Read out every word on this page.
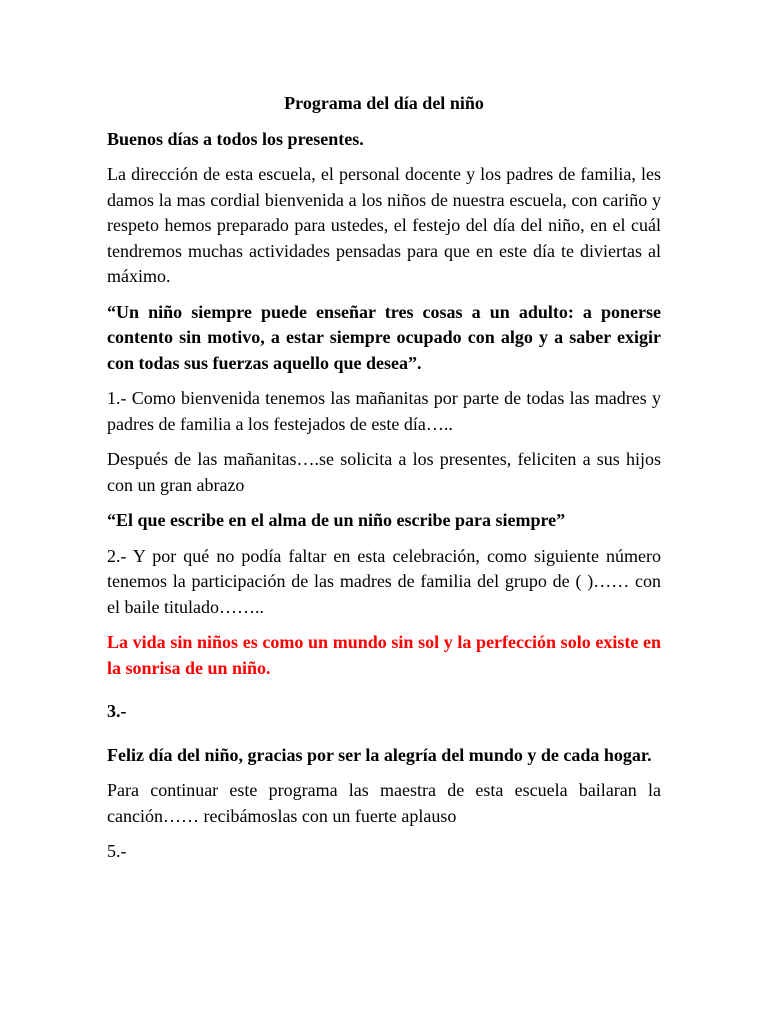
Programa del día del niño
Buenos días a todos los presentes.
La dirección de esta escuela, el personal docente y los padres de familia, les damos la mas cordial bienvenida a los niños de nuestra escuela, con cariño y respeto hemos preparado para ustedes, el festejo del día del niño, en el cuál tendremos muchas actividades pensadas para que en este día te diviertas al máximo.
“Un niño siempre puede enseñar tres cosas a un adulto: a ponerse contento sin motivo, a estar siempre ocupado con algo y a saber exigir con todas sus fuerzas aquello que desea”.
1.- Como bienvenida tenemos las mañanitas por parte de todas las madres y padres de familia a los festejados de este día…..
Después de las mañanitas….se solicita a los presentes, feliciten a sus hijos con un gran abrazo
“El que escribe en el alma de un niño escribe para siempre”
2.- Y por qué no podía faltar en esta celebración, como siguiente número tenemos la participación de las madres de familia del grupo de ( )…… con el baile titulado……..
La vida sin niños es como un mundo sin sol y la perfección solo existe en la sonrisa de un niño.
3.-
Feliz día del niño, gracias por ser la alegría del mundo y de cada hogar.
Para continuar este programa las maestra de esta escuela bailaran la canción…… recibámoslas con un fuerte aplauso
5.-
